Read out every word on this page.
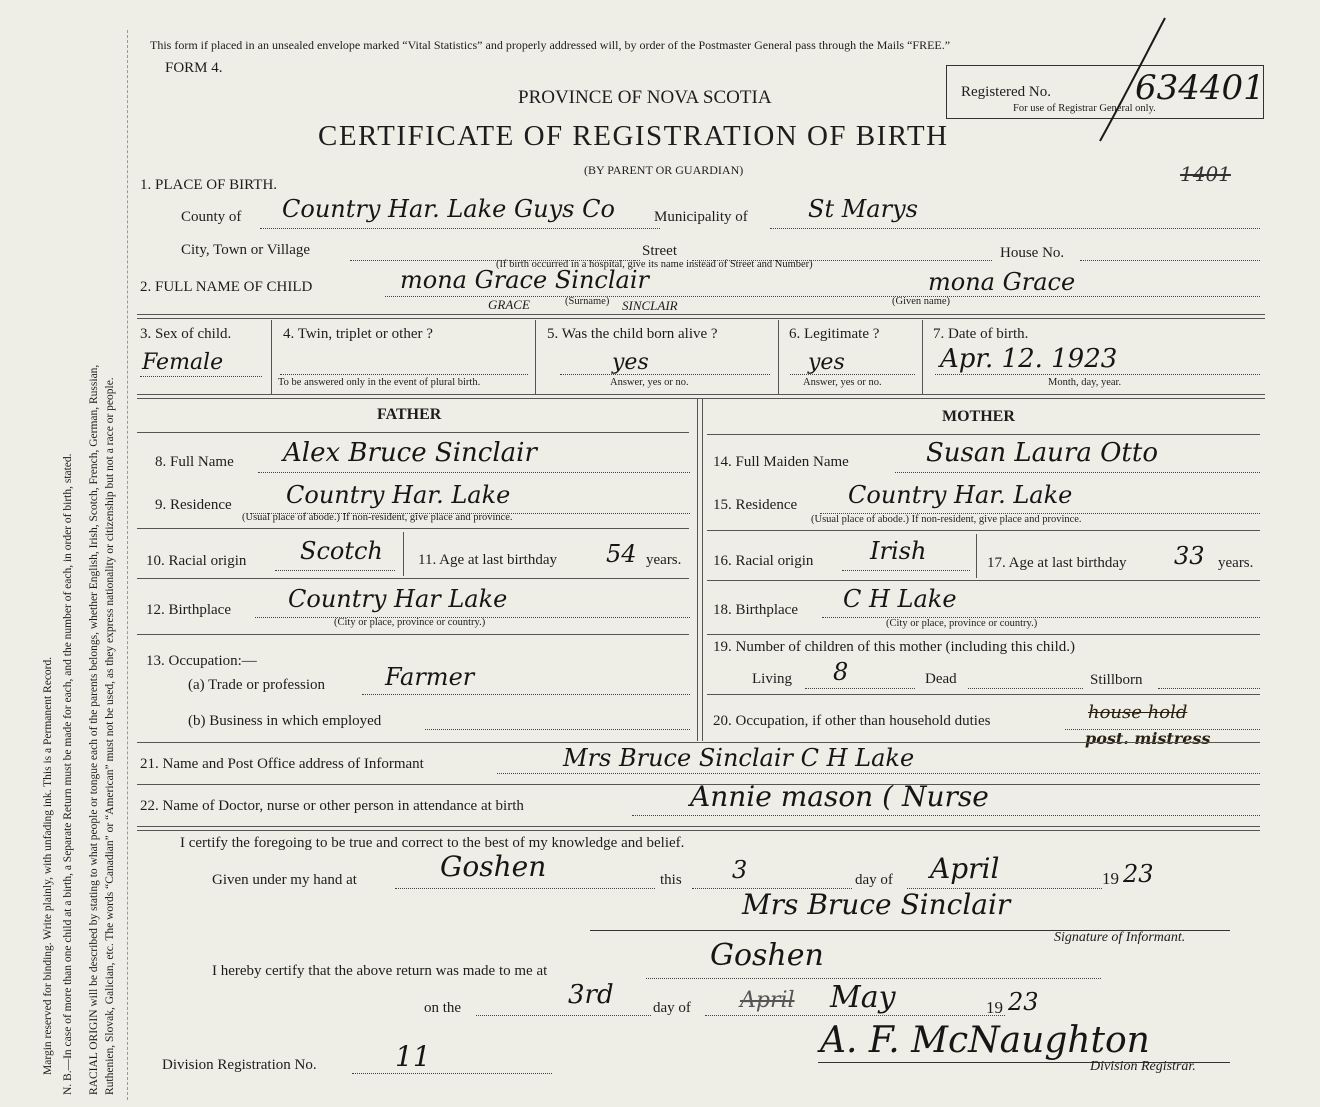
Margin reserved for binding. Write plainly, with unfading ink. This is a Permanent Record. N. B.—In case of more than one child at a birth, a Separate Return must be made for each, and the number of each, in order of birth, stated. RACIAL ORIGIN will be described by stating to what people or tongue each of the parents belongs, whether English, Irish, Scotch, French, German, Russian, Ruthenien, Slovak, Galician, etc. The words “Canadian” or “American” must not be used, as they express nationality or citizenship but not a race or people.
This form if placed in an unsealed envelope marked “Vital Statistics” and properly addressed will, by order of the Postmaster General pass through the Mails “FREE.”
FORM 4.
PROVINCE OF NOVA SCOTIA
CERTIFICATE OF REGISTRATION OF BIRTH
(BY PARENT OR GUARDIAN)
Registered No. 634401
For use of Registrar General only.
1401
1. PLACE OF BIRTH.
County of Country Har. Lake Guys Co	Municipality of	St Marys
City, Town or Village	Street	House No.
(If birth occurred in a hospital, give its name instead of Street and Number)
2. FULL NAME OF CHILD	mona Grace Sinclair
GRACE	(Surname) SINCLAIR
mona Grace
(Given name)
3. Sex of child.
Female
4. Twin, triplet or other ?
To be answered only in the event of plural birth.
5. Was the child born alive ?
yes
Answer, yes or no.
6. Legitimate ?
yes
Answer, yes or no.
7. Date of birth.
Apr. 12. 1923
Month, day, year.
FATHER
8. Full Name Alex Bruce Sinclair
9. Residence Country Har. Lake
(Usual place of abode.) If non-resident, give place and province.
10. Racial origin Scotch 11. Age at last birthday 54 years.
12. Birthplace Country Har Lake
(City or place, province or country.)
13. Occupation:—
(a) Trade or profession Farmer
(b) Business in which employed
MOTHER
14. Full Maiden Name	Susan Laura Otto
15. Residence Country Har. Lake
(Usual place of abode.) If non-resident, give place and province.
16. Racial origin Irish	17. Age at last birthday 33 years.
18. Birthplace C H Lake
(City or place, province or country.)
19. Number of children of this mother (including this child.)
Living 8	Dead	Stillborn
20. Occupation, if other than household duties	house hold
post. mistress
21. Name and Post Office address of Informant	Mrs Bruce Sinclair C H Lake
22. Name of Doctor, nurse or other person in attendance at birth	Annie mason ( Nurse
I certify the foregoing to be true and correct to the best of my knowledge and belief.
Given under my hand at	Goshen	this 3	day of April	19 23
Mrs Bruce Sinclair
Signature of Informant.
I hereby certify that the above return was made to me at	Goshen
on the	3rd	day of April May	19 23
A. F. McNaughton
Division Registrar.
Division Registration No.	11
